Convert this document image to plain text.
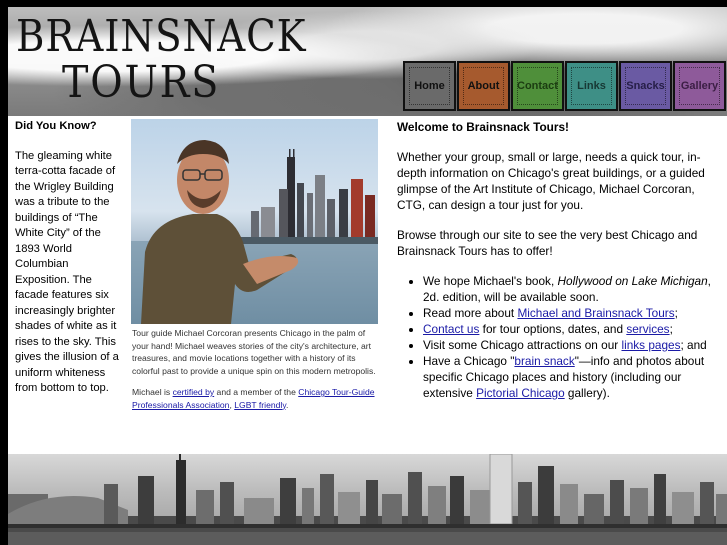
BRAINSNACK
TOURS	Home About Contact Links Snacks Gallery

Did You Know?

The gleaming white terra-cotta facade of the Wrigley Building was a tribute to the buildings of “The White City” of the 1893 World Columbian Exposition. The facade features six increasingly brighter shades of white as it rises to the sky. This gives the illusion of a uniform whiteness from bottom to top.

Tour guide Michael Corcoran presents Chicago in the palm of your hand! Michael weaves stories of the city's architecture, art treasures, and movie locations together with a history of its colorful past to provide a unique spin on this modern metropolis.

Michael is certified by and a member of the Chicago Tour-Guide Professionals Association, LGBT friendly.

Welcome to Brainsnack Tours!

Whether your group, small or large, needs a quick tour, in-depth information on Chicago's great buildings, or a guided glimpse of the Art Institute of Chicago, Michael Corcoran, CTG, can design a tour just for you.

Browse through our site to see the very best Chicago and Brainsnack Tours has to offer!

• We hope Michael's book, Hollywood on Lake Michigan, 2d. edition, will be available soon.
• Read more about Michael and Brainsnack Tours;
• Contact us for tour options, dates, and services;
• Visit some Chicago attractions on our links pages; and
• Have a Chicago "brain snack"—info and photos about specific Chicago places and history (including our extensive Pictorial Chicago gallery).
